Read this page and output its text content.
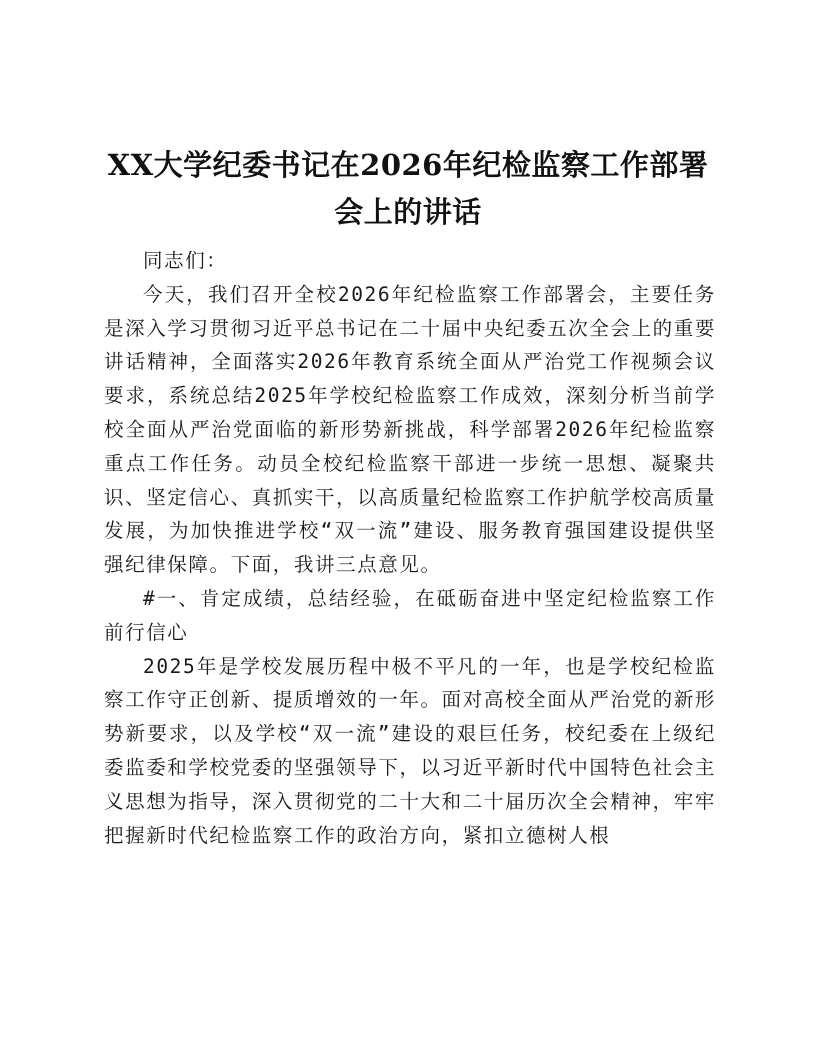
XX大学纪委书记在2026年纪检监察工作部署
会上的讲话

同志们：

今天，我们召开全校2026年纪检监察工作部署会，主要任务是深入学习贯彻习近平总书记在二十届中央纪委五次全会上的重要讲话精神，全面落实2026年教育系统全面从严治党工作视频会议要求，系统总结2025年学校纪检监察工作成效，深刻分析当前学校全面从严治党面临的新形势新挑战，科学部署2026年纪检监察重点工作任务。动员全校纪检监察干部进一步统一思想、凝聚共识、坚定信心、真抓实干，以高质量纪检监察工作护航学校高质量发展，为加快推进学校“双一流”建设、服务教育强国建设提供坚强纪律保障。下面，我讲三点意见。

#一、肯定成绩，总结经验，在砥砺奋进中坚定纪检监察工作前行信心

2025年是学校发展历程中极不平凡的一年，也是学校纪检监察工作守正创新、提质增效的一年。面对高校全面从严治党的新形势新要求，以及学校“双一流”建设的艰巨任务，校纪委在上级纪委监委和学校党委的坚强领导下，以习近平新时代中国特色社会主义思想为指导，深入贯彻党的二十大和二十届历次全会精神，牢牢把握新时代纪检监察工作的政治方向，紧扣立德树人根
